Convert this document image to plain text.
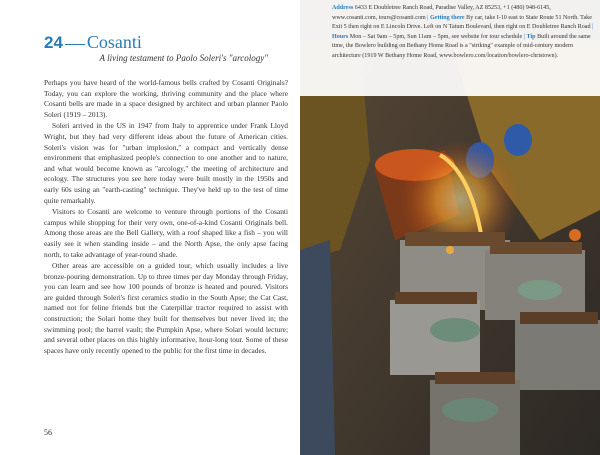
24 Cosanti
A living testament to Paolo Soleri's "arcology"

Perhaps you have heard of the world-famous bells crafted by Cosanti Originals? Today, you can explore the working, thriving community and the place where Cosanti bells are made in a space designed by architect and urban planner Paolo Soleri (1919 – 2013).

Soleri arrived in the US in 1947 from Italy to apprentice under Frank Lloyd Wright, but they had very different ideas about the future of American cities. Soleri's vision was for "urban implosion," a compact and vertically dense environment that emphasized people's connection to one another and to nature, and what would become known as "arcology," the meeting of architecture and ecology. The structures you see here today were built mostly in the 1950s and early 60s using an "earth-casting" technique. They've held up to the test of time quite remarkably.

Visitors to Cosanti are welcome to venture through portions of the Cosanti campus while shopping for their very own, one-of-a-kind Cosanti Originals bell. Among those areas are the Bell Gallery, with a roof shaped like a fish – you will easily see it when standing inside – and the North Apse, the only apse facing north, to take advantage of year-round shade.

Other areas are accessible on a guided tour, which usually includes a live bronze-pouring demonstration. Up to three times per day Monday through Friday, you can learn and see how 100 pounds of bronze is heated and poured. Visitors are guided through Soleri's first ceramics studio in the South Apse; the Cat Cast, named not for feline friends but the Caterpillar tractor required to assist with construction; the Solari home they built for themselves but never lived in; the swimming pool; the barrel vault; the Pumpkin Apse, where Solari would lecture; and several other places on this highly informative, hour-long tour. Some of these spaces have only recently opened to the public for the first time in decades.

56
Address 6433 E Doubletree Ranch Road, Paradise Valley, AZ 85253, +1 (480) 948-6145, www.cosanti.com, tours@cosanti.com | Getting there By car, take I-10 east to State Route 51 North. Take Exit 5 then right on E Lincoln Drive. Left on N Tatum Boulevard, then right on E Doubletree Ranch Road | Hours Mon – Sat 9am – 5pm, Sun 11am – 5pm, see website for tour schedule | Tip Built around the same time, the Bowlero building on Bethany Home Road is a "striking" example of mid-century modern architecture (1919 W Bethany Home Road, www.bowlero.com/location/bowlero-christown).
